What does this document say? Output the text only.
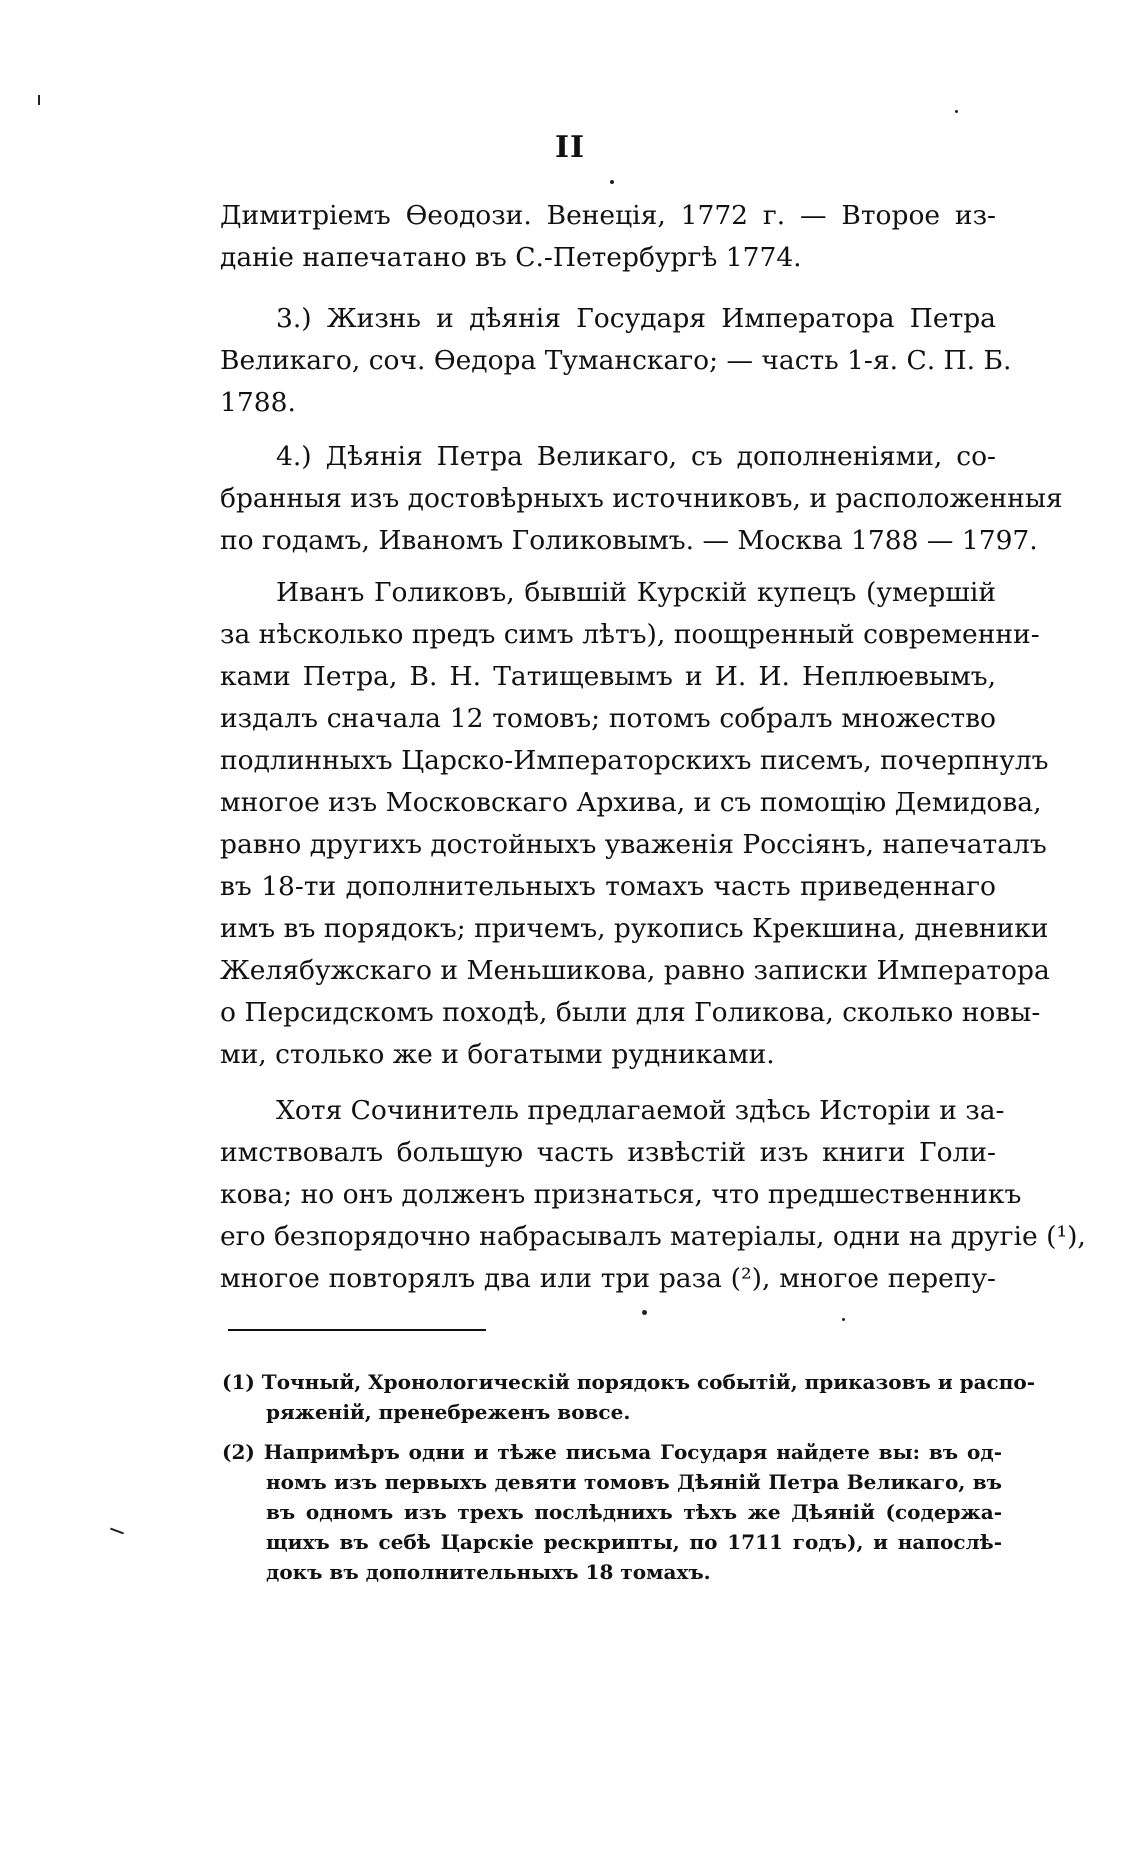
II
Димитріемъ Ѳеодози. Венеція, 1772 г. — Второе из-
даніе напечатано въ С.-Петербургѣ 1774.
3.) Жизнь и дѣянія Государя Императора Петра
Великаго, соч. Ѳедора Туманскаго; — часть 1-я. С. П. Б.
1788.
4.) Дѣянія Петра Великаго, съ дополненіями, со-
бранныя изъ достовѣрныхъ источниковъ, и расположенныя
по годамъ, Иваномъ Голиковымъ. — Москва 1788 — 1797.
Иванъ Голиковъ, бывшій Курскій купецъ (умершій
за нѣсколько предъ симъ лѣтъ), поощренный современни-
ками Петра, В. Н. Татищевымъ и И. И. Неплюевымъ,
издалъ сначала 12 томовъ; потомъ собралъ множество
подлинныхъ Царско-Императорскихъ писемъ, почерпнулъ
многое изъ Московскаго Архива, и съ помощію Демидова,
равно другихъ достойныхъ уваженія Россіянъ, напечаталъ
въ 18-ти дополнительныхъ томахъ часть приведеннаго
имъ въ порядокъ; причемъ, рукопись Крекшина, дневники
Желябужскаго и Меньшикова, равно записки Императора
о Персидскомъ походѣ, были для Голикова, сколько новы-
ми, столько же и богатыми рудниками.
Хотя Сочинитель предлагаемой здѣсь Исторіи и за-
имствовалъ большую часть извѣстій изъ книги Голи-
кова; но онъ долженъ признаться, что предшественникъ
его безпорядочно набрасывалъ матеріалы, одни на другіе (¹),
многое повторялъ два или три раза (²), многое перепу-
(1) Точный, Хронологическій порядокъ событій, приказовъ и распо-
ряженій, пренебреженъ вовсе.
(2) Напримѣръ одни и тѣже письма Государя найдете вы: въ од-
номъ изъ первыхъ девяти томовъ Дѣяній Петра Великаго, въ
въ одномъ изъ трехъ послѣднихъ тѣхъ же Дѣяній (содержа-
щихъ въ себѣ Царскіе рескрипты, по 1711 годъ), и напослѣ-
докъ въ дополнительныхъ 18 томахъ.
